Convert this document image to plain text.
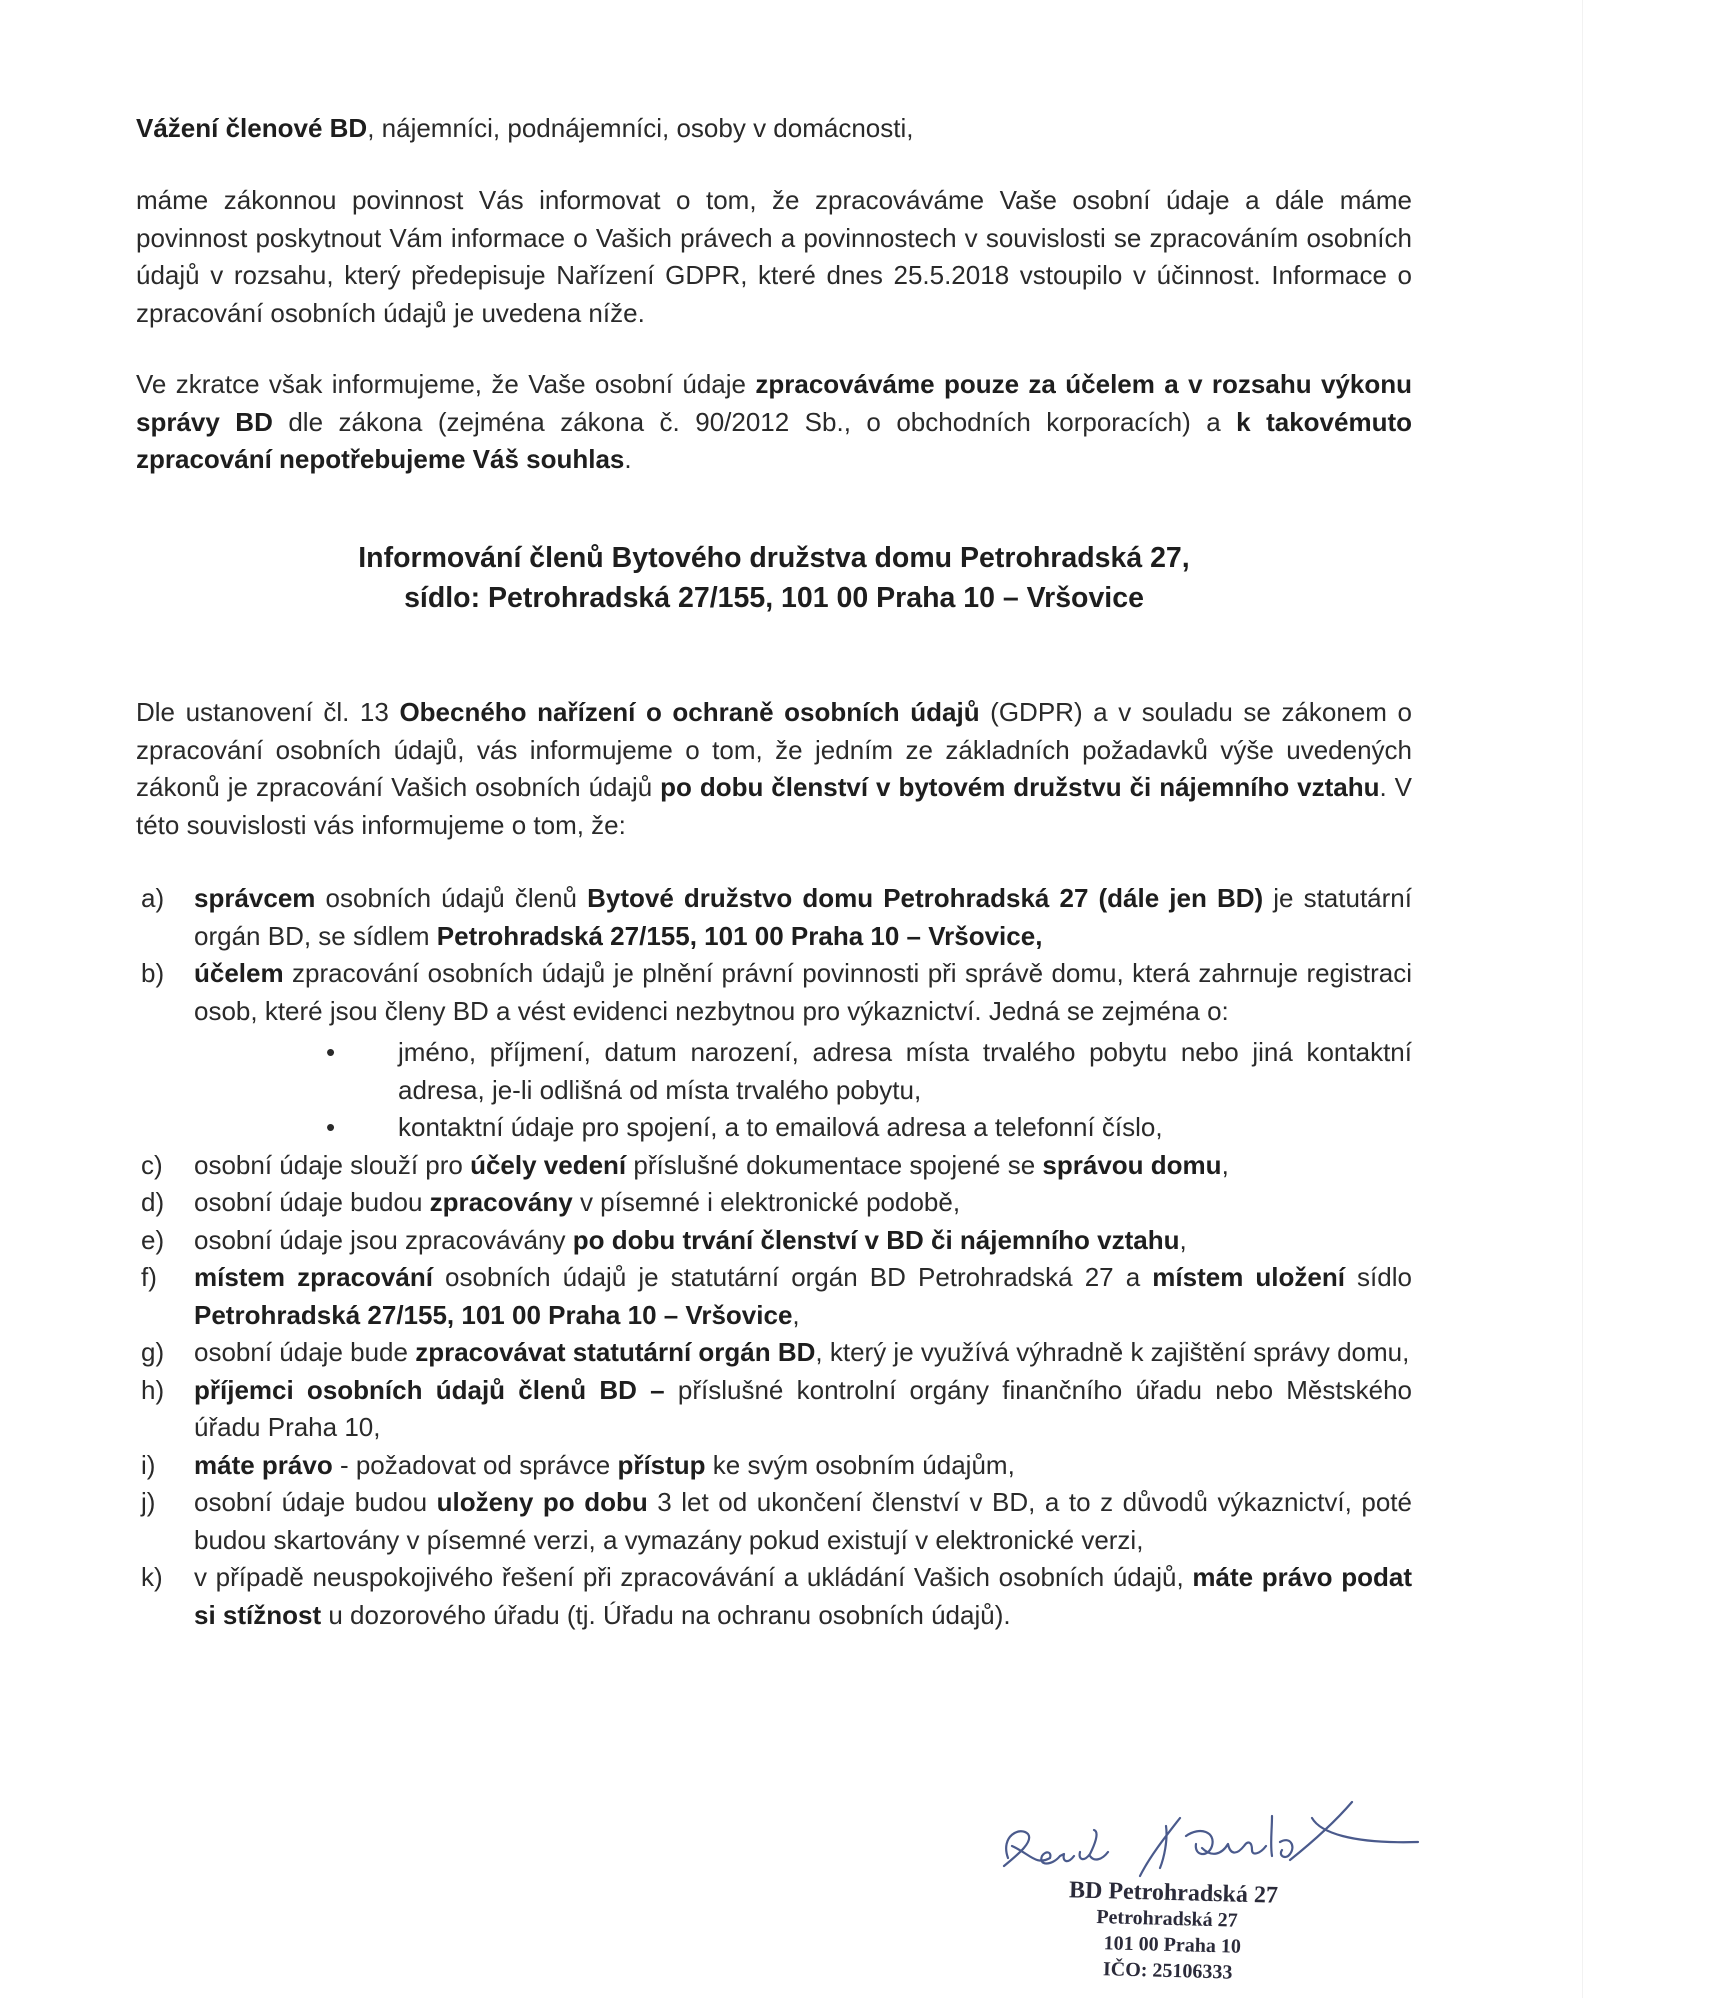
Vážení členové BD, nájemníci, podnájemníci, osoby v domácnosti,
máme zákonnou povinnost Vás informovat o tom, že zpracováváme Vaše osobní údaje a dále máme povinnost poskytnout Vám informace o Vašich právech a povinnostech v souvislosti se zpracováním osobních údajů v rozsahu, který předepisuje Nařízení GDPR, které dnes 25.5.2018 vstoupilo v účinnost. Informace o zpracování osobních údajů je uvedena níže.
Ve zkratce však informujeme, že Vaše osobní údaje zpracováváme pouze za účelem a v rozsahu výkonu správy BD dle zákona (zejména zákona č. 90/2012 Sb., o obchodních korporacích) a k takovémuto zpracování nepotřebujeme Váš souhlas.
Informování členů Bytového družstva domu Petrohradská 27,
sídlo: Petrohradská 27/155, 101 00 Praha 10 – Vršovice
Dle ustanovení čl. 13 Obecného nařízení o ochraně osobních údajů (GDPR) a v souladu se zákonem o zpracování osobních údajů, vás informujeme o tom, že jedním ze základních požadavků výše uvedených zákonů je zpracování Vašich osobních údajů po dobu členství v bytovém družstvu či nájemního vztahu. V této souvislosti vás informujeme o tom, že:
a) správcem osobních údajů členů Bytové družstvo domu Petrohradská 27 (dále jen BD) je statutární orgán BD, se sídlem Petrohradská 27/155, 101 00 Praha 10 – Vršovice,
b) účelem zpracování osobních údajů je plnění právní povinnosti při správě domu, která zahrnuje registraci osob, které jsou členy BD a vést evidenci nezbytnou pro výkaznictví. Jedná se zejména o:
• jméno, příjmení, datum narození, adresa místa trvalého pobytu nebo jiná kontaktní adresa, je-li odlišná od místa trvalého pobytu,
• kontaktní údaje pro spojení, a to emailová adresa a telefonní číslo,
c) osobní údaje slouží pro účely vedení příslušné dokumentace spojené se správou domu,
d) osobní údaje budou zpracovány v písemné i elektronické podobě,
e) osobní údaje jsou zpracovávány po dobu trvání členství v BD či nájemního vztahu,
f) místem zpracování osobních údajů je statutární orgán BD Petrohradská 27 a místem uložení sídlo Petrohradská 27/155, 101 00 Praha 10 – Vršovice,
g) osobní údaje bude zpracovávat statutární orgán BD, který je využívá výhradně k zajištění správy domu,
h) příjemci osobních údajů členů BD – příslušné kontrolní orgány finančního úřadu nebo Městského úřadu Praha 10,
i) máte právo - požadovat od správce přístup ke svým osobním údajům,
j) osobní údaje budou uloženy po dobu 3 let od ukončení členství v BD, a to z důvodů výkaznictví, poté budou skartovány v písemné verzi, a vymazány pokud existují v elektronické verzi,
k) v případě neuspokojivého řešení při zpracovávání a ukládání Vašich osobních údajů, máte právo podat si stížnost u dozorového úřadu (tj. Úřadu na ochranu osobních údajů).
BD Petrohradská 27
Petrohradská 27
101 00 Praha 10
IČO: 25106333
